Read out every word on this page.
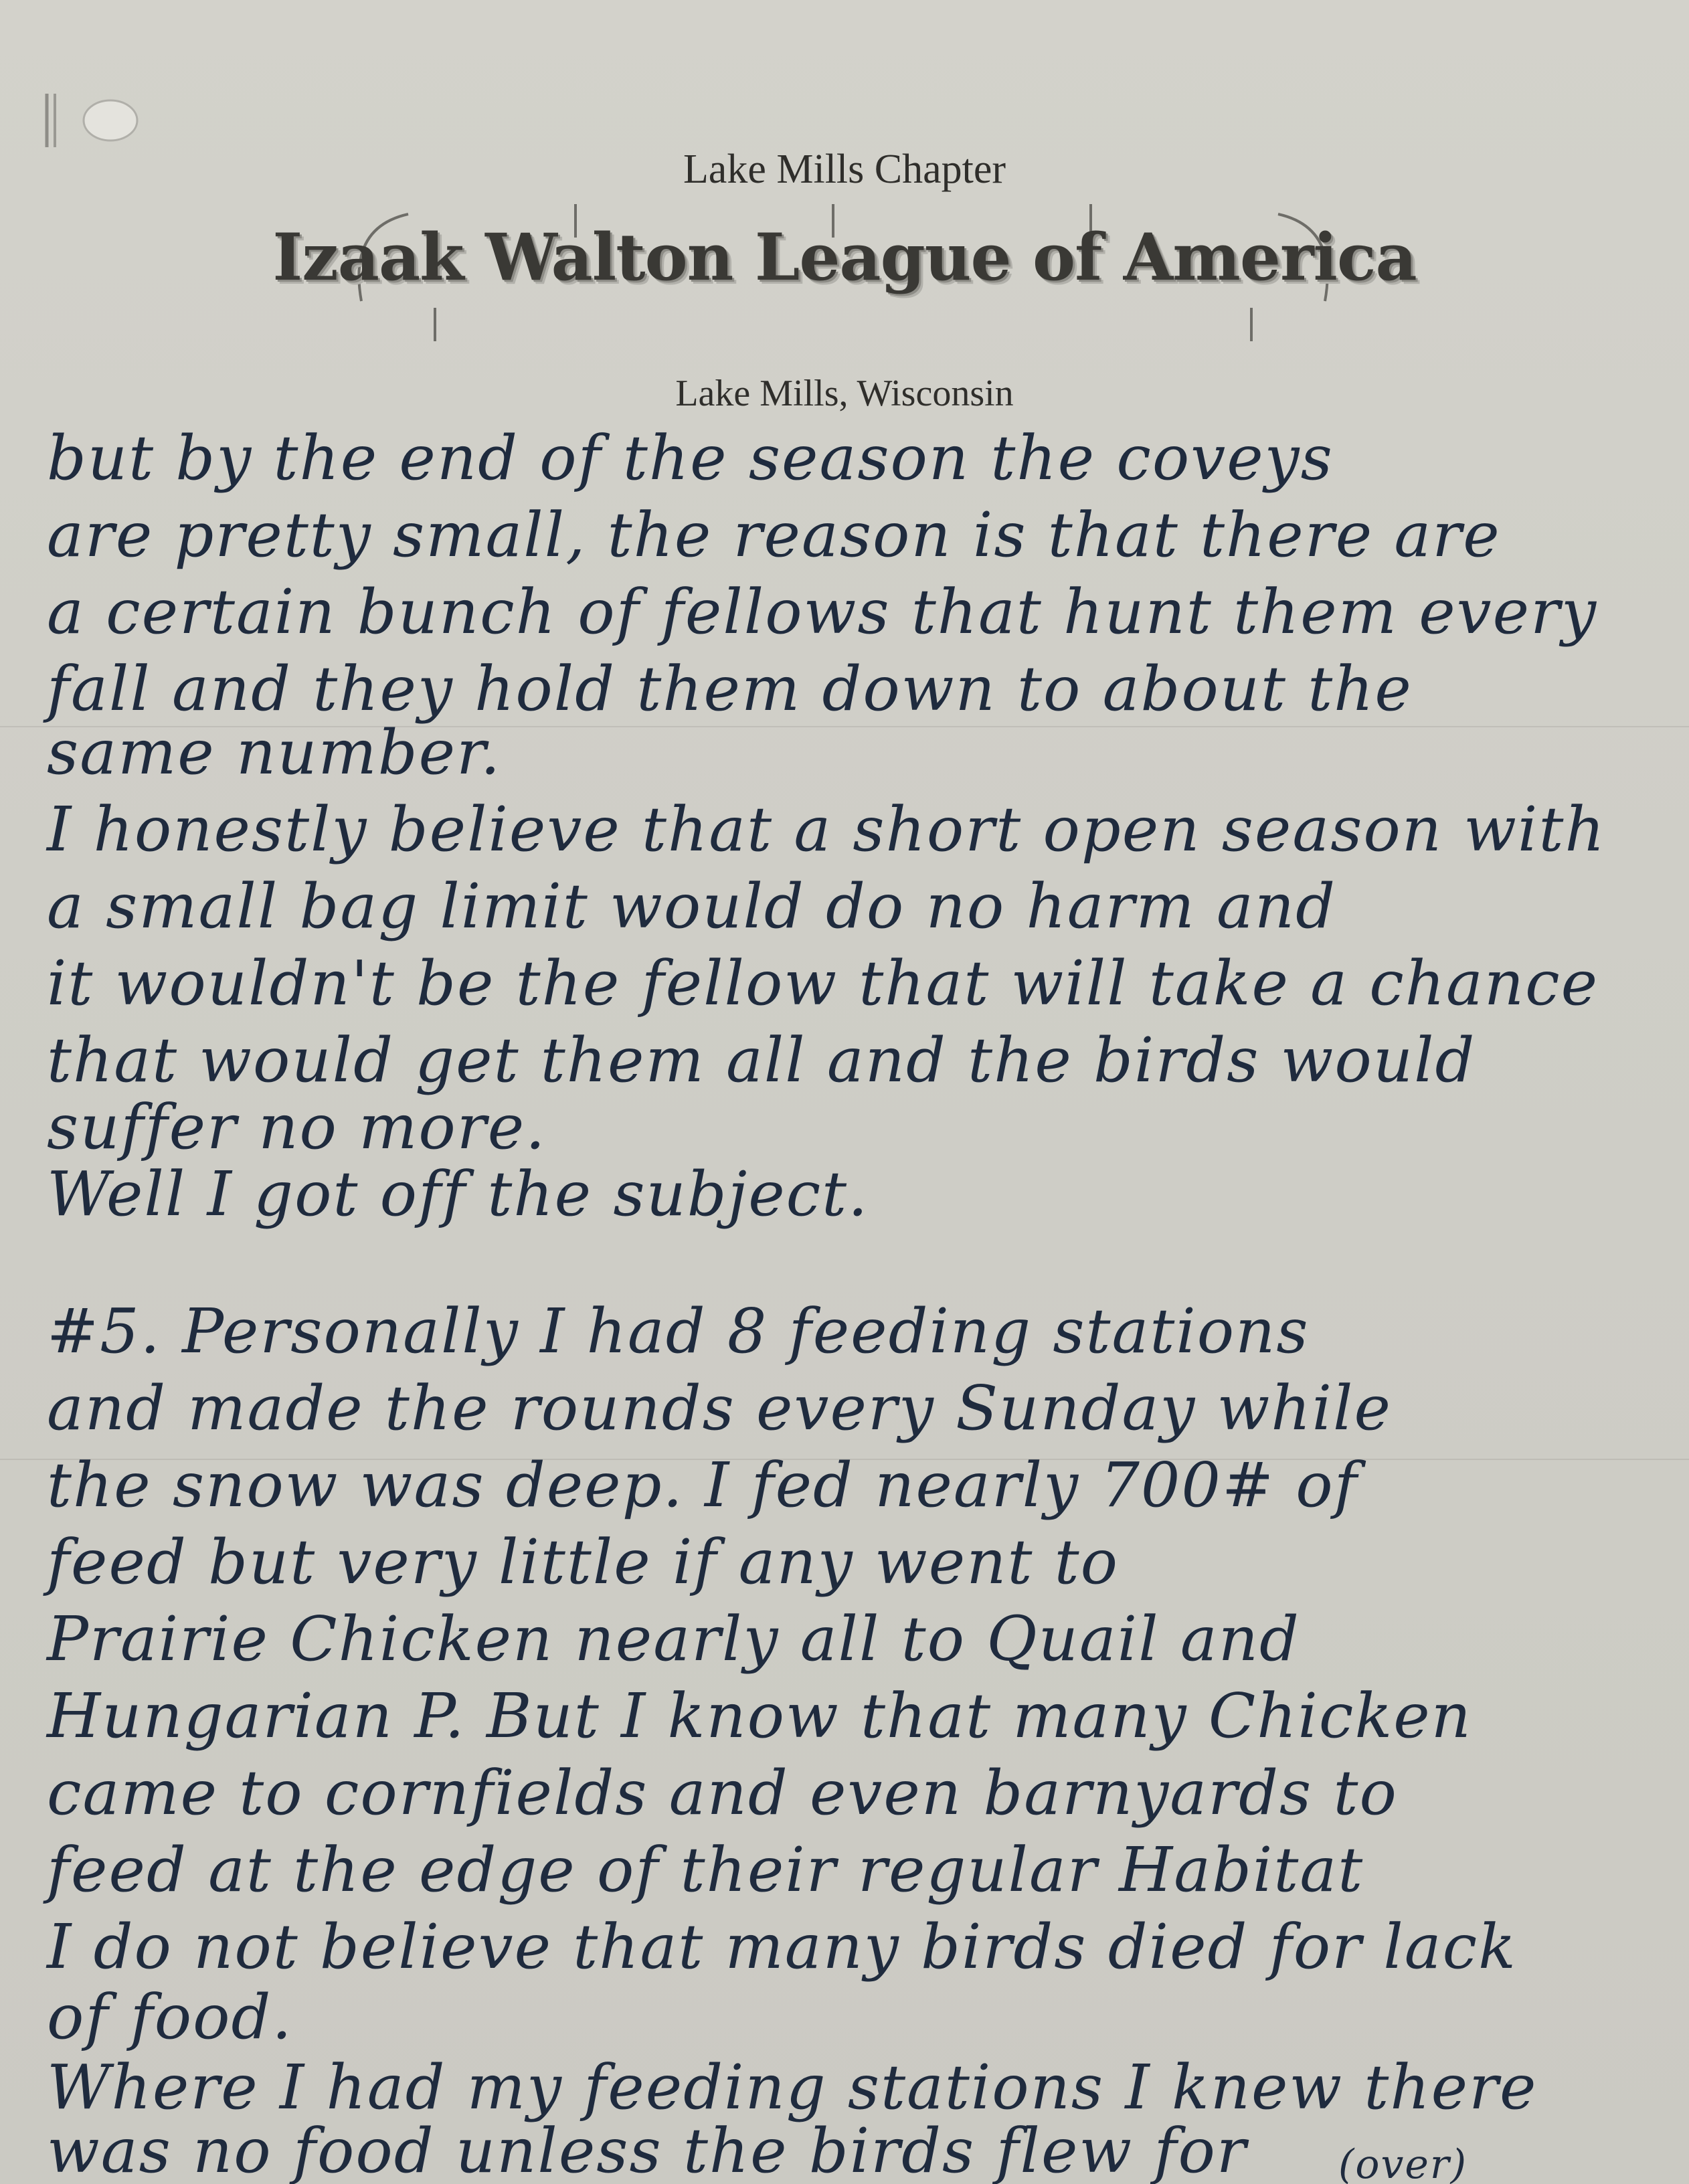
Lake Mills Chapter
Izaak Walton League of America
Lake Mills, Wisconsin
but by the end of the season the coveys
are pretty small, the reason is that there are
a certain bunch of fellows that hunt them every
fall and they hold them down to about the
same number.
I honestly believe that a short open season with
a small bag limit would do no harm and
it wouldn't be the fellow that will take a chance
that would get them all and the birds would
suffer no more.
Well I got off the subject.
#5. Personally I had 8 feeding stations
and made the rounds every Sunday while
the snow was deep. I fed nearly 700# of
feed but very little if any went to
Prairie Chicken nearly all to Quail and
Hungarian P. But I know that many Chicken
came to cornfields and even barnyards to
feed at the edge of their regular Habitat
I do not believe that many birds died for lack
of food.
Where I had my feeding stations I knew there
was no food unless the birds flew for	(over)
